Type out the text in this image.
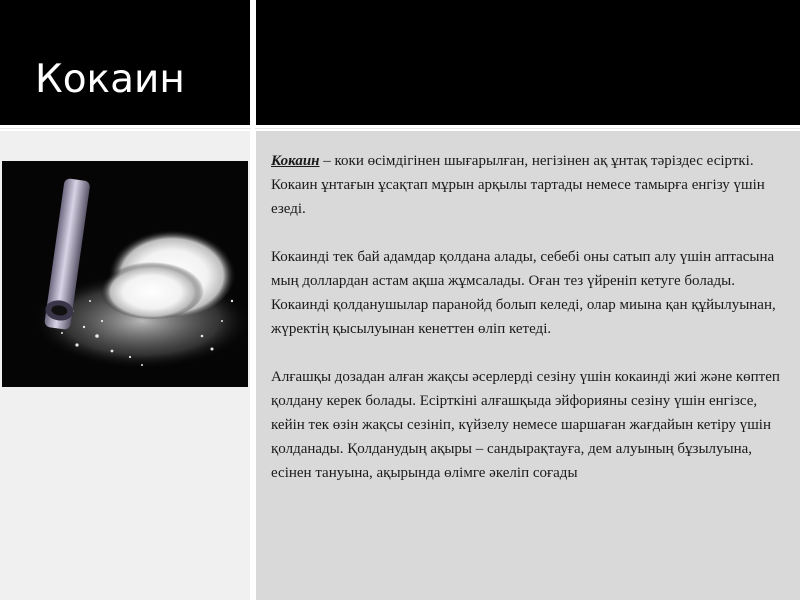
Кокаин

Кокаин – коки өсімдігінен шығарылған, негізінен ақ ұнтақ тәріздес есірткі. Кокаин ұнтағын ұсақтап мұрын арқылы тартады немесе тамырға енгізу үшін езеді.

Кокаинді тек бай адамдар қолдана алады, себебі оны сатып алу үшін аптасына мың доллардан астам ақша жұмсалады. Оған тез үйреніп кетуге болады. Кокаинді қолданушылар паранойд болып келеді, олар миына қан құйылуынан, жүректің қысылуынан кенеттен өліп кетеді.

Алғашқы дозадан алған жақсы әсерлерді сезіну үшін кокаинді жиі және көптеп қолдану керек болады. Есірткіні алғашқыда эйфорияны сезіну үшін енгізсе, кейін тек өзін жақсы сезініп, күйзелу немесе шаршаған жағдайын кетіру үшін қолданады. Қолданудың ақыры – сандырақтауға, дем алуының бұзылуына, есінен тануына, ақырында өлімге әкеліп соғады
